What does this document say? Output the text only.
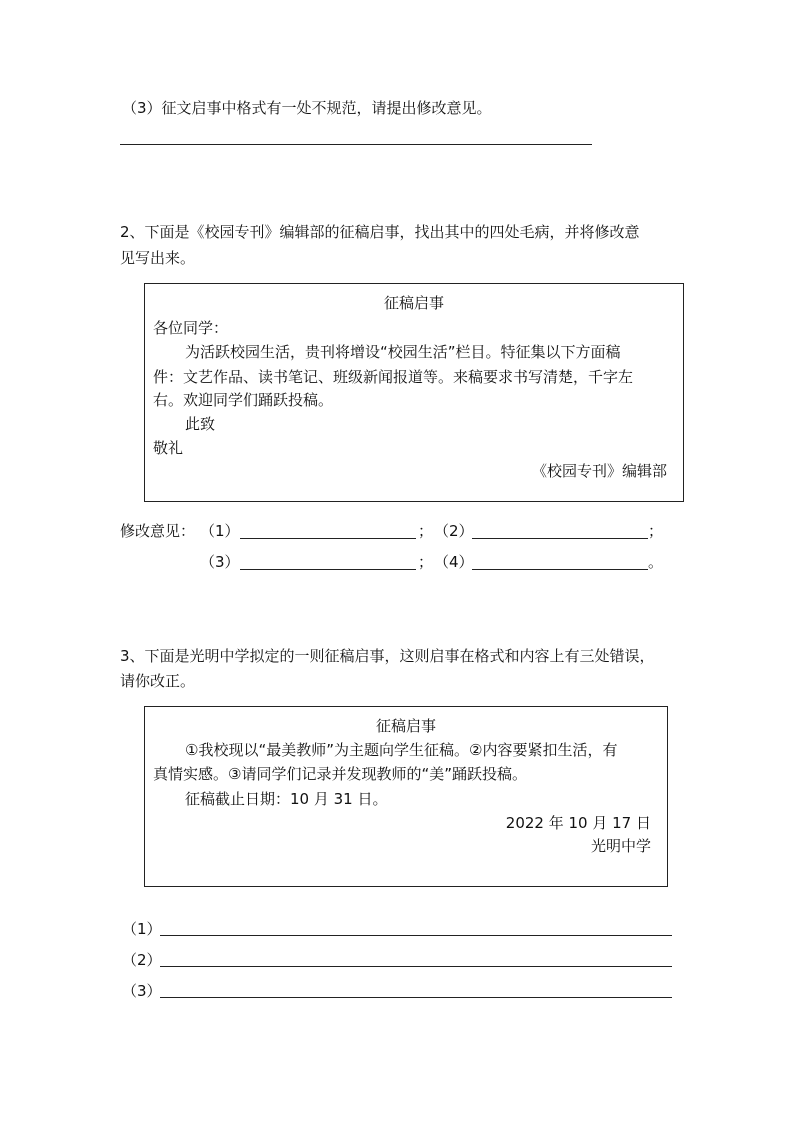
（3）征文启事中格式有一处不规范，请提出修改意见。
2、下面是《校园专刊》编辑部的征稿启事，找出其中的四处毛病，并将修改意
见写出来。
征稿启事
各位同学：
为活跃校园生活，贵刊将增设“校园生活”栏目。特征集以下方面稿
件：文艺作品、读书笔记、班级新闻报道等。来稿要求书写清楚，千字左
右。欢迎同学们踊跃投稿。
此致
敬礼
《校园专刊》编辑部
修改意见： （1）	； （2）	；
（3）	； （4）	。
3、下面是光明中学拟定的一则征稿启事，这则启事在格式和内容上有三处错误，
请你改正。
征稿启事
①我校现以“最美教师”为主题向学生征稿。②内容要紧扣生活，有
真情实感。③请同学们记录并发现教师的“美”踊跃投稿。
征稿截止日期：10 月 31 日。
2022 年 10 月 17 日
光明中学
（1）
（2）
（3）
